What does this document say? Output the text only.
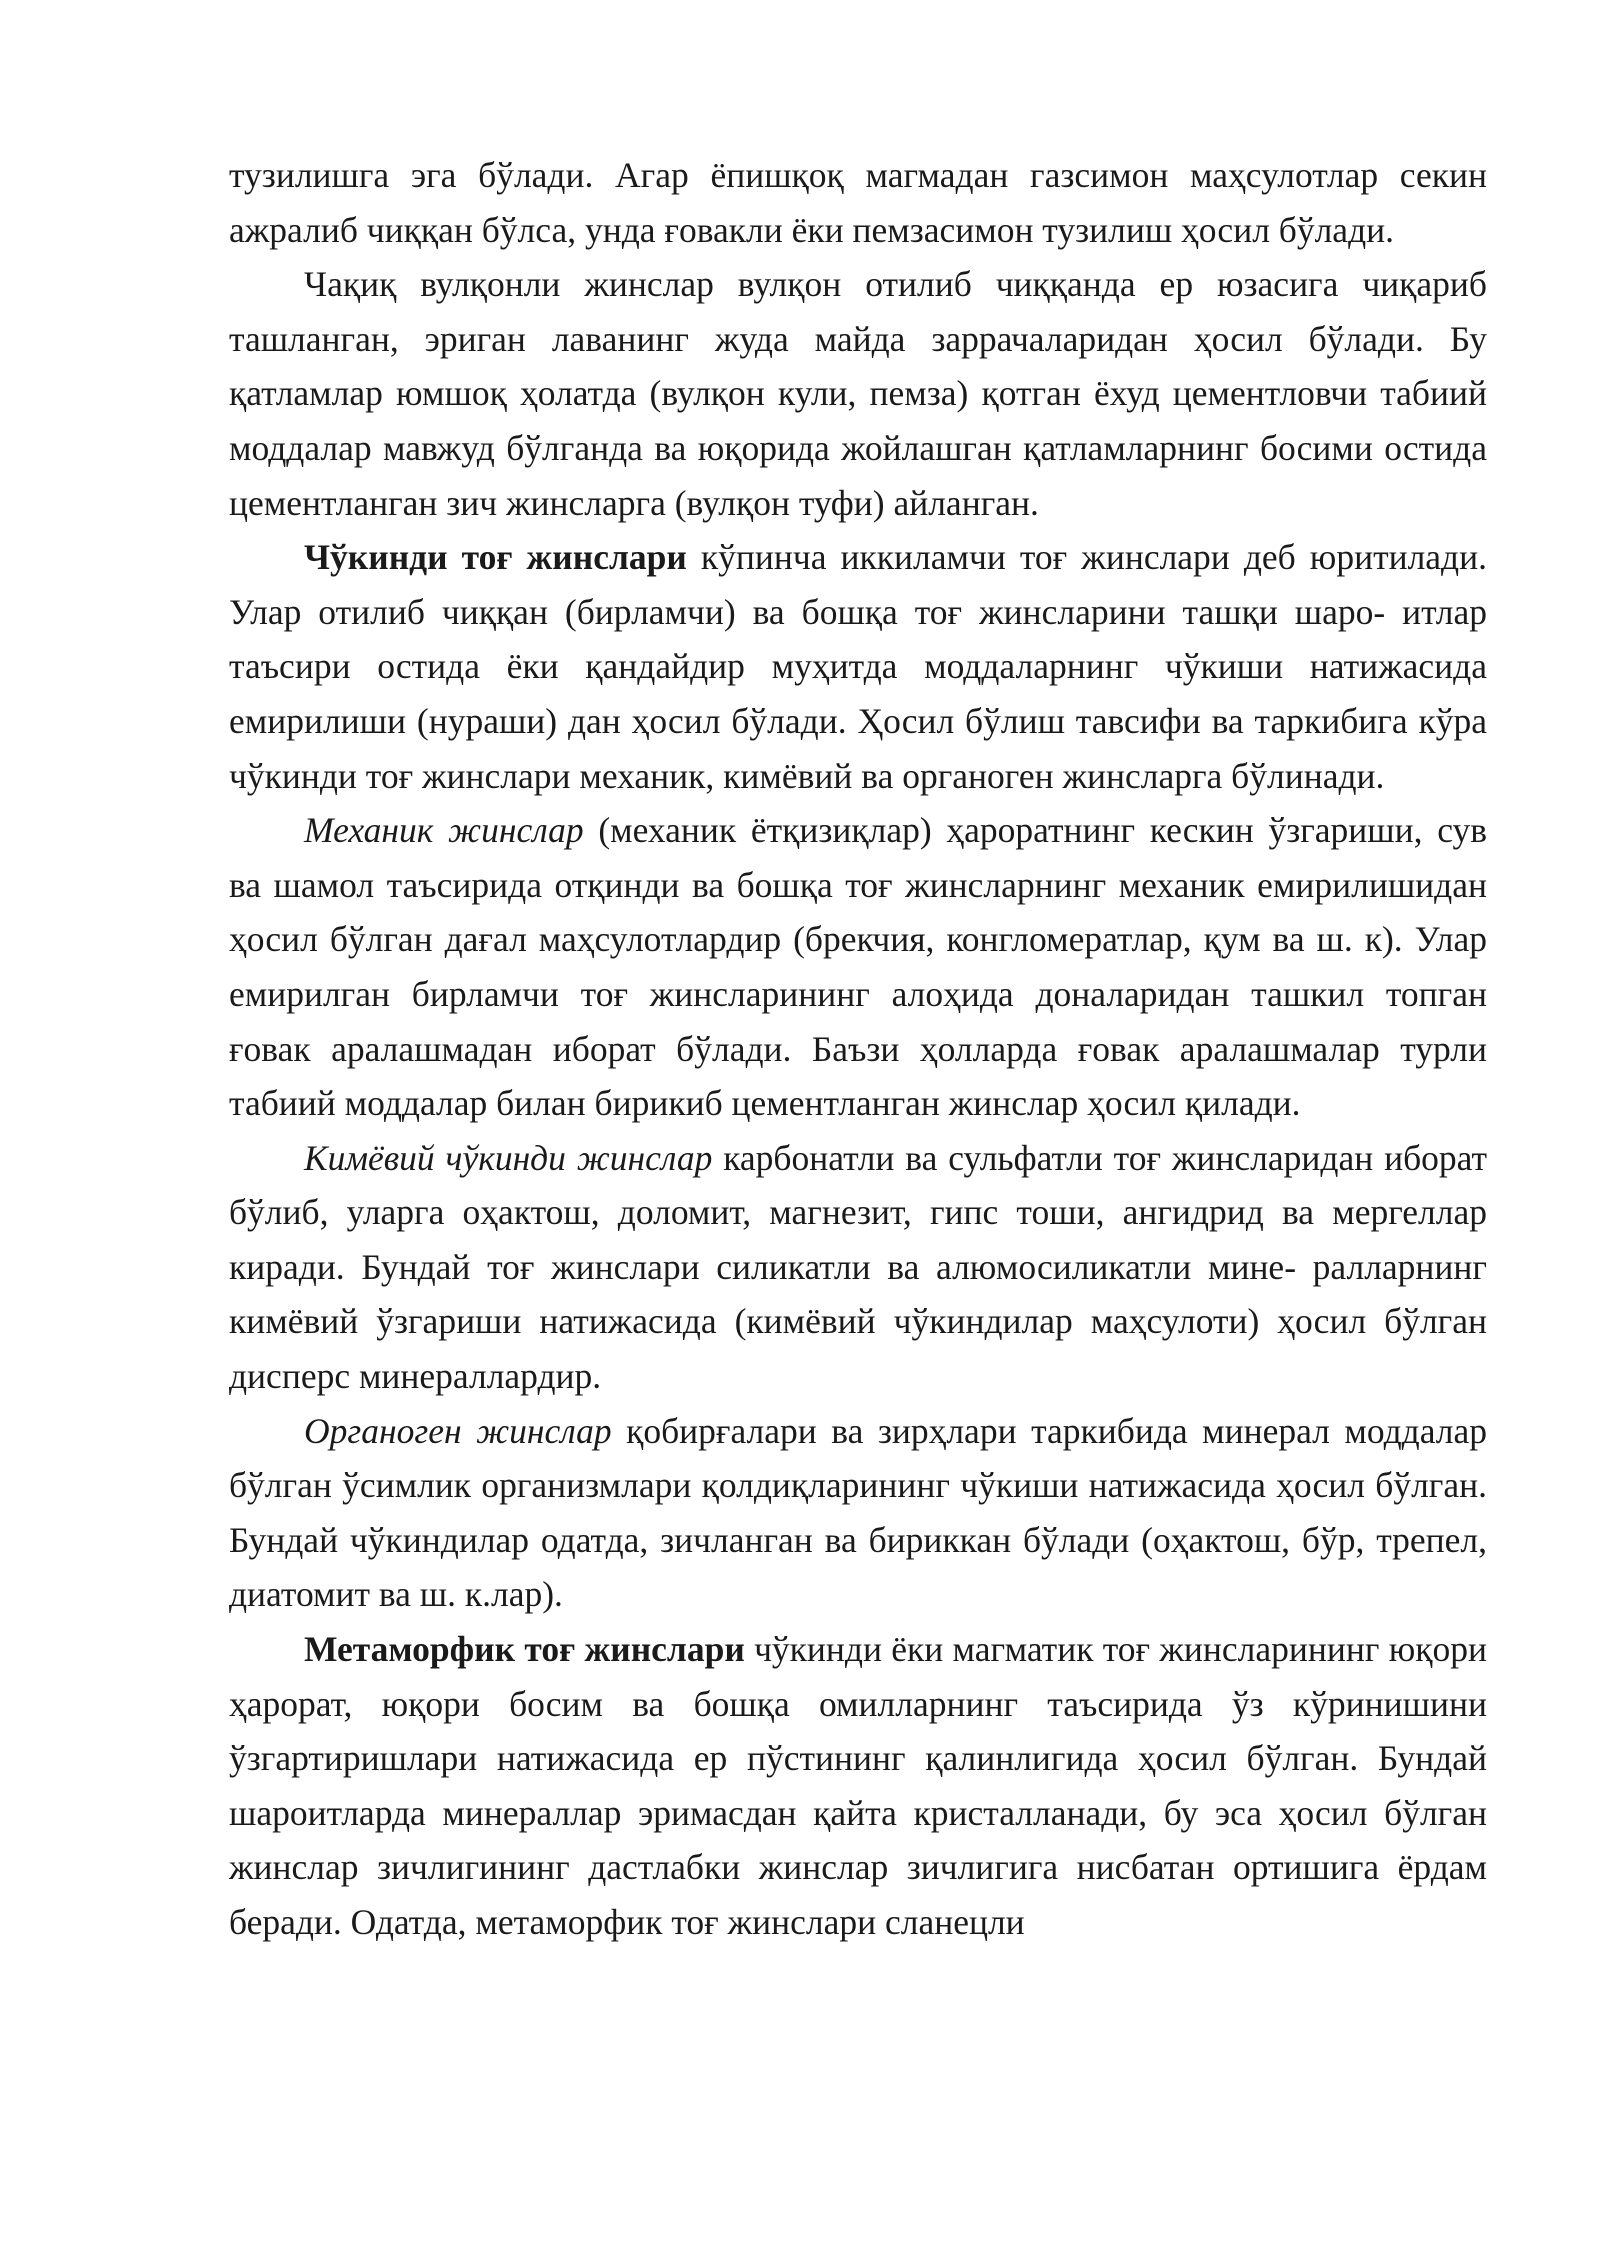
тузилишга эга бўлади. Агар ёпишқоқ магмадан газсимон маҳсулотлар секин ажралиб чиққан бўлса, унда ғовакли ёки пемзасимон тузилиш ҳосил бўлади.

Чақиқ вулқонли жинслар вулқон отилиб чиққанда ер юзасига чиқариб ташланган, эриган лаванинг жуда майда заррачаларидан ҳосил бўлади. Бу қатламлар юмшоқ ҳолатда (вулқон кули, пемза) қотган ёхуд цементловчи табиий моддалар мавжуд бўлганда ва юқорида жойлашган қатламларнинг босими остида цементланган зич жинсларга (вулқон туфи) айланган.

Чўкинди тоғ жинслари кўпинча иккиламчи тоғ жинслари деб юритилади. Улар отилиб чиққан (бирламчи) ва бошқа тоғ жинсларини ташқи шаро- итлар таъсири остида ёки қандайдир муҳитда моддаларнинг чўкиши натижасида емирилиши (нураши) дан ҳосил бўлади. Ҳосил бўлиш тавсифи ва таркибига кўра чўкинди тоғ жинслари механик, кимёвий ва органоген жинсларга бўлинади.

Механик жинслар (механик ётқизиқлар) ҳароратнинг кескин ўзгариши, сув ва шамол таъсирида отқинди ва бошқа тоғ жинсларнинг механик емирилишидан ҳосил бўлган дағал маҳсулотлардир (брекчия, конгломератлар, қум ва ш. к). Улар емирилган бирламчи тоғ жинсларининг алоҳида доналаридан ташкил топган ғовак аралашмадан иборат бўлади. Баъзи ҳолларда ғовак аралашмалар турли табиий моддалар билан бирикиб цементланган жинслар ҳосил қилади.

Кимёвий чўкинди жинслар карбонатли ва сульфатли тоғ жинсларидан иборат бўлиб, уларга оҳактош, доломит, магнезит, гипс тоши, ангидрид ва мергеллар киради. Бундай тоғ жинслари силикатли ва алюмосиликатли мине- ралларнинг кимёвий ўзгариши натижасида (кимёвий чўкиндилар маҳсулоти) ҳосил бўлган дисперс минераллардир.

Органоген жинслар қобирғалари ва зирҳлари таркибида минерал моддалар бўлган ўсимлик организмлари қолдиқларининг чўкиши натижасида ҳосил бўлган. Бундай чўкиндилар одатда, зичланган ва бириккан бўлади (оҳактош, бўр, трепел, диатомит ва ш. к.лар).

Метаморфик тоғ жинслари чўкинди ёки магматик тоғ жинсларининг юқори ҳарорат, юқори босим ва бошқа омилларнинг таъсирида ўз кўринишини ўзгартиришлари натижасида ер пўстининг қалинлигида ҳосил бўлган. Бундай шароитларда минераллар эримасдан қайта кристалланади, бу эса ҳосил бўлган жинслар зичлигининг дастлабки жинслар зичлигига нисбатан ортишига ёрдам беради. Одатда, метаморфик тоғ жинслари сланецли
